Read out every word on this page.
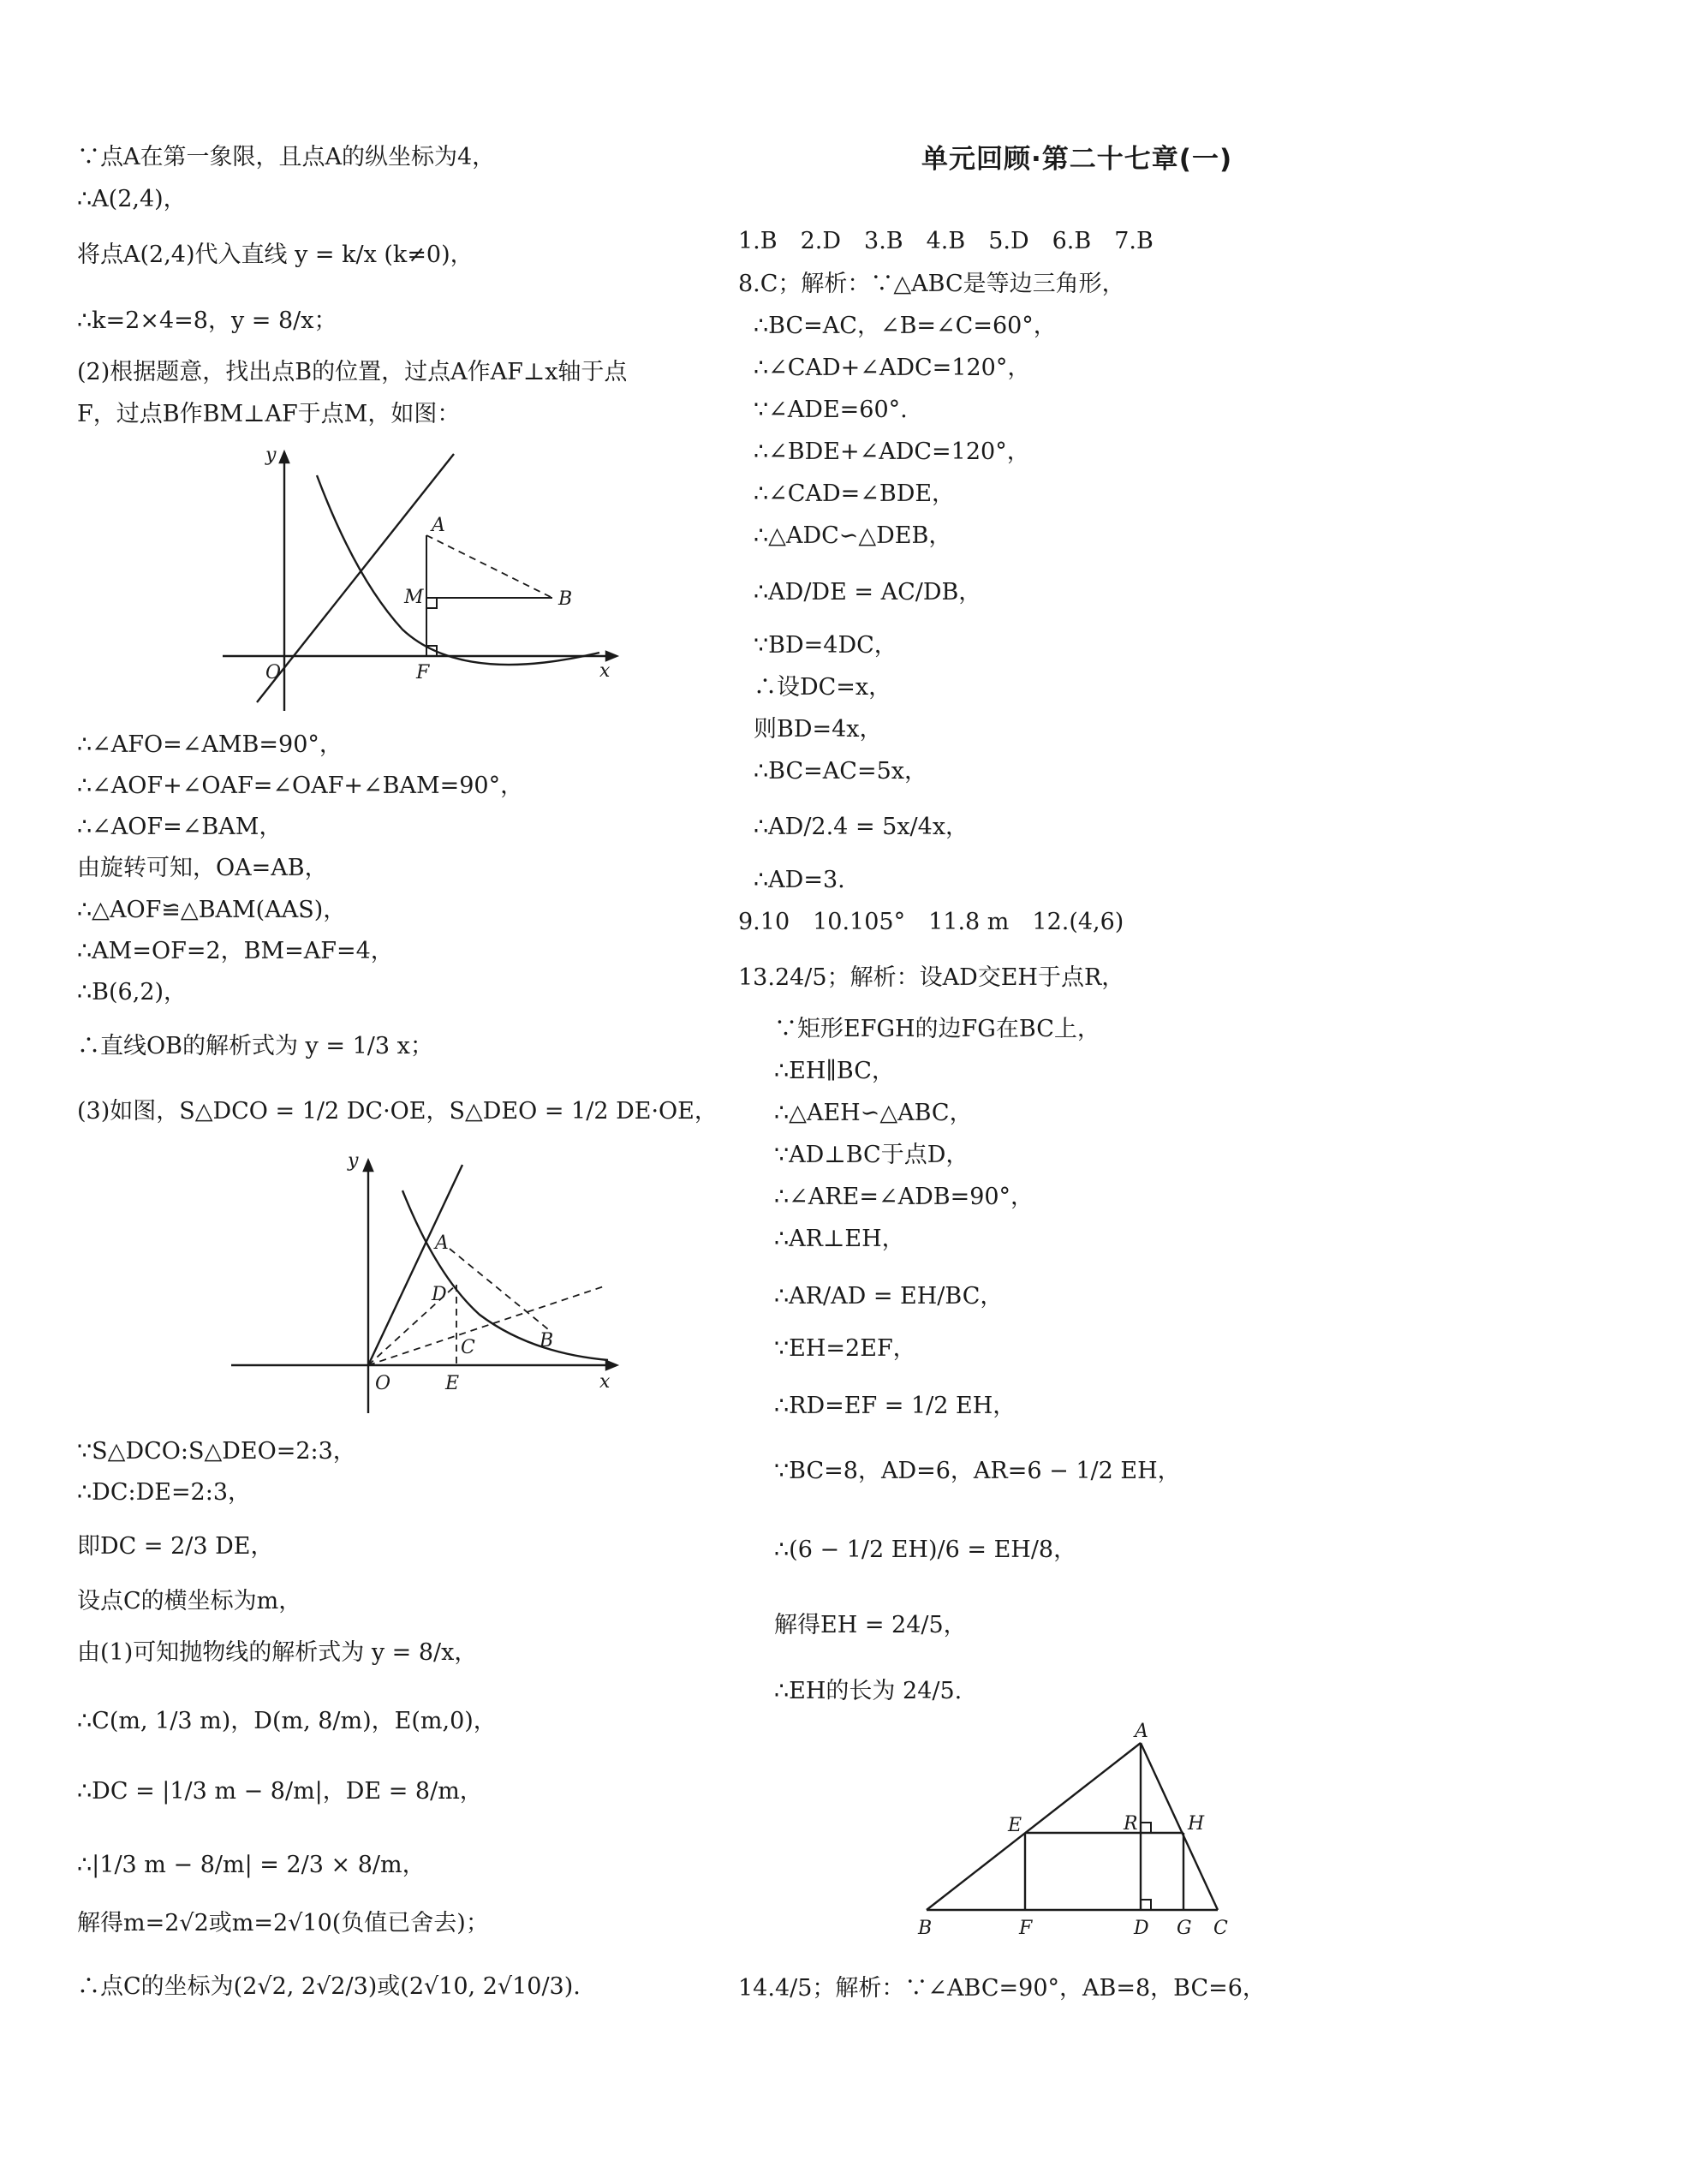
∵点A在第一象限，且点A的纵坐标为4，
∴A(2,4)，
将点A(2,4)代入直线 y = k/x (k≠0)，
∴k=2×4=8，y = 8/x；
(2)根据题意，找出点B的位置，过点A作AF⊥x轴于点
F，过点B作BM⊥AF于点M，如图：
y
x
O	F
A
M	B
∴∠AFO=∠AMB=90°，
∴∠AOF+∠OAF=∠OAF+∠BAM=90°，
∴∠AOF=∠BAM，
由旋转可知，OA=AB，
∴△AOF≌△BAM(AAS)，
∴AM=OF=2，BM=AF=4，
∴B(6,2)，
∴直线OB的解析式为 y = 1/3 x；
(3)如图，S△DCO = 1/2 DC·OE，S△DEO = 1/2 DE·OE，
y
x
O	E
A
D
C	B
∵S△DCO:S△DEO=2:3，
∴DC:DE=2:3，
即DC = 2/3 DE，
设点C的横坐标为m，
由(1)可知抛物线的解析式为 y = 8/x，
∴C(m, 1/3 m)，D(m, 8/m)，E(m,0)，
∴DC = |1/3 m − 8/m|，DE = 8/m，
∴|1/3 m − 8/m| = 2/3 × 8/m，
解得m=2√2或m=2√10(负值已舍去)；
∴点C的坐标为(2√2, 2√2/3)或(2√10, 2√10/3).
单元回顾·第二十七章(一)
1.B　2.D　3.B　4.B　5.D　6.B　7.B
8.C；解析：∵△ABC是等边三角形，
∴BC=AC，∠B=∠C=60°，
∴∠CAD+∠ADC=120°，
∵∠ADE=60°.
∴∠BDE+∠ADC=120°，
∴∠CAD=∠BDE，
∴△ADC∽△DEB，
∴AD/DE = AC/DB，
∵BD=4DC，
∴设DC=x，
则BD=4x，
∴BC=AC=5x，
∴AD/2.4 = 5x/4x，
∴AD=3.
9.10　10.105°　11.8 m　12.(4,6)
13.24/5；解析：设AD交EH于点R，
∵矩形EFGH的边FG在BC上，
∴EH∥BC，
∴△AEH∽△ABC，
∵AD⊥BC于点D，
∴∠ARE=∠ADB=90°，
∴AR⊥EH，
∴AR/AD = EH/BC，
∵EH=2EF，
∴RD=EF = 1/2 EH，
∵BC=8，AD=6，AR=6 − 1/2 EH，
∴(6 − 1/2 EH)/6 = EH/8，
解得EH = 24/5，
∴EH的长为 24/5.
A
E	R	H
B	F	D G C
14.4/5；解析：∵∠ABC=90°，AB=8，BC=6，
